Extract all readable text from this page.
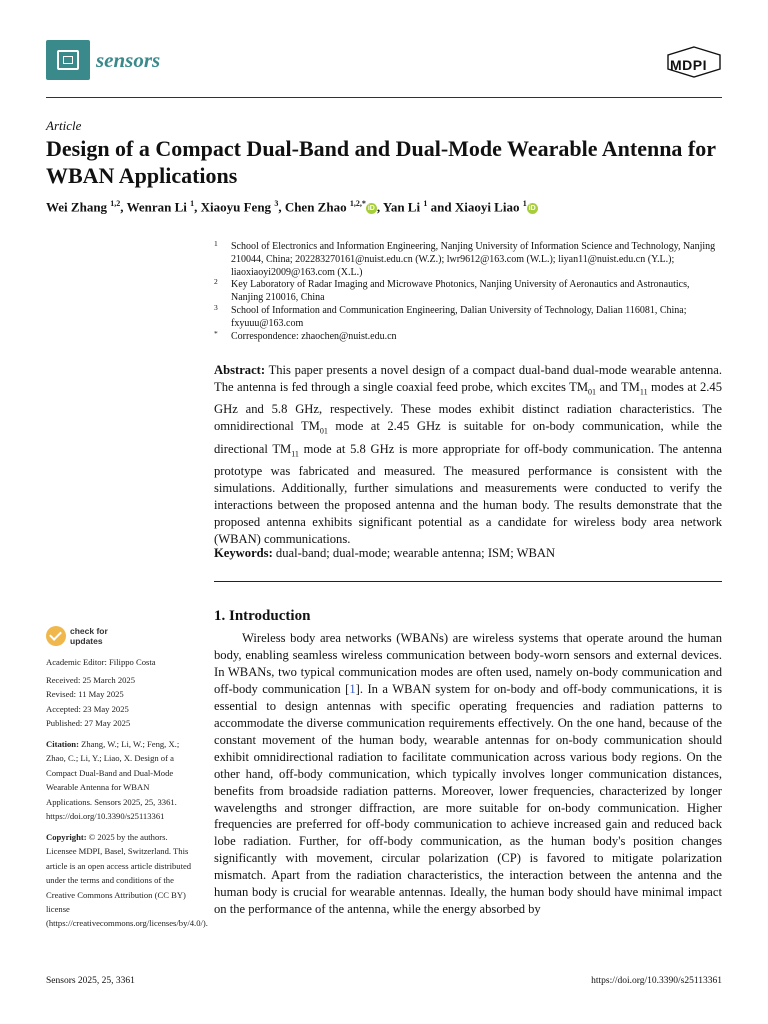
sensors	MDPI
Article
Design of a Compact Dual-Band and Dual-Mode Wearable Antenna for WBAN Applications
Wei Zhang $^{1,2}$, Wenran Li $^1$, Xiaoyu Feng $^3$, Chen Zhao $^{1,2,*}$iD , Yan Li $^1$ and Xiaoyi Liao $^1$iD
1 School of Electronics and Information Engineering, Nanjing University of Information Science and Technology, Nanjing 210044, China; 202283270161@nuist.edu.cn (W.Z.); lwr9612@163.com (W.L.); liyan11@nuist.edu.cn (Y.L.); liaoxiaoyi2009@163.com (X.L.)
2 Key Laboratory of Radar Imaging and Microwave Photonics, Nanjing University of Aeronautics and Astronautics, Nanjing 210016, China
3 School of Information and Communication Engineering, Dalian University of Technology, Dalian 116081, China; fxyuuu@163.com
* Correspondence: zhaochen@nuist.edu.cn
Abstract: This paper presents a novel design of a compact dual-band dual-mode wearable antenna. The antenna is fed through a single coaxial feed probe, which excites $TM_{01}$ and $TM_{11}$ modes at 2.45 GHz and 5.8 GHz, respectively. These modes exhibit distinct radiation characteristics. The omnidirectional $TM_{01}$ mode at 2.45 GHz is suitable for on-body communication, while the directional $TM_{11}$ mode at 5.8 GHz is more appropriate for off-body communication. The antenna prototype was fabricated and measured. The measured performance is consistent with the simulations. Additionally, further simulations and measurements were conducted to verify the interactions between the proposed antenna and the human body. The results demonstrate that the proposed antenna exhibits significant potential as a candidate for wireless body area network (WBAN) communications.
Keywords: dual-band; dual-mode; wearable antenna; ISM; WBAN
1. Introduction
Wireless body area networks (WBANs) are wireless systems that operate around the human body, enabling seamless wireless communication between body-worn sensors and external devices. In WBANs, two typical communication modes are often used, namely on-body communication and off-body communication [1]. In a WBAN system for on-body and off-body communications, it is essential to design antennas with specific operating frequencies and radiation patterns to accommodate the diverse communication requirements effectively. On the one hand, because of the constant movement of the human body, wearable antennas for on-body communication should exhibit omnidirectional radiation to facilitate communication across various body regions. On the other hand, off-body communication, which typically involves longer communication distances, benefits from broadside radiation patterns. Moreover, lower frequencies, characterized by longer wavelengths and stronger diffraction, are more suitable for on-body communication. Higher frequencies are preferred for off-body communication to achieve increased gain and reduced back lobe radiation. Further, for off-body communication, as the human body's position changes significantly with movement, circular polarization (CP) is favored to mitigate polarization mismatch. Apart from the radiation characteristics, the interaction between the antenna and the human body is crucial for wearable antennas. Ideally, the human body should have minimal impact on the performance of the antenna, while the energy absorbed by
check for
updates
Academic Editor: Filippo Costa
Received: 25 March 2025
Revised: 11 May 2025
Accepted: 23 May 2025
Published: 27 May 2025
Citation: Zhang, W.; Li, W.; Feng, X.; Zhao, C.; Li, Y.; Liao, X. Design of a Compact Dual-Band and Dual-Mode Wearable Antenna for WBAN Applications. Sensors 2025, 25, 3361. https://doi.org/10.3390/s25113361
Copyright: © 2025 by the authors. Licensee MDPI, Basel, Switzerland. This article is an open access article distributed under the terms and conditions of the Creative Commons Attribution (CC BY) license (https://creativecommons.org/licenses/by/4.0/).
Sensors 2025, 25, 3361	https://doi.org/10.3390/s25113361
